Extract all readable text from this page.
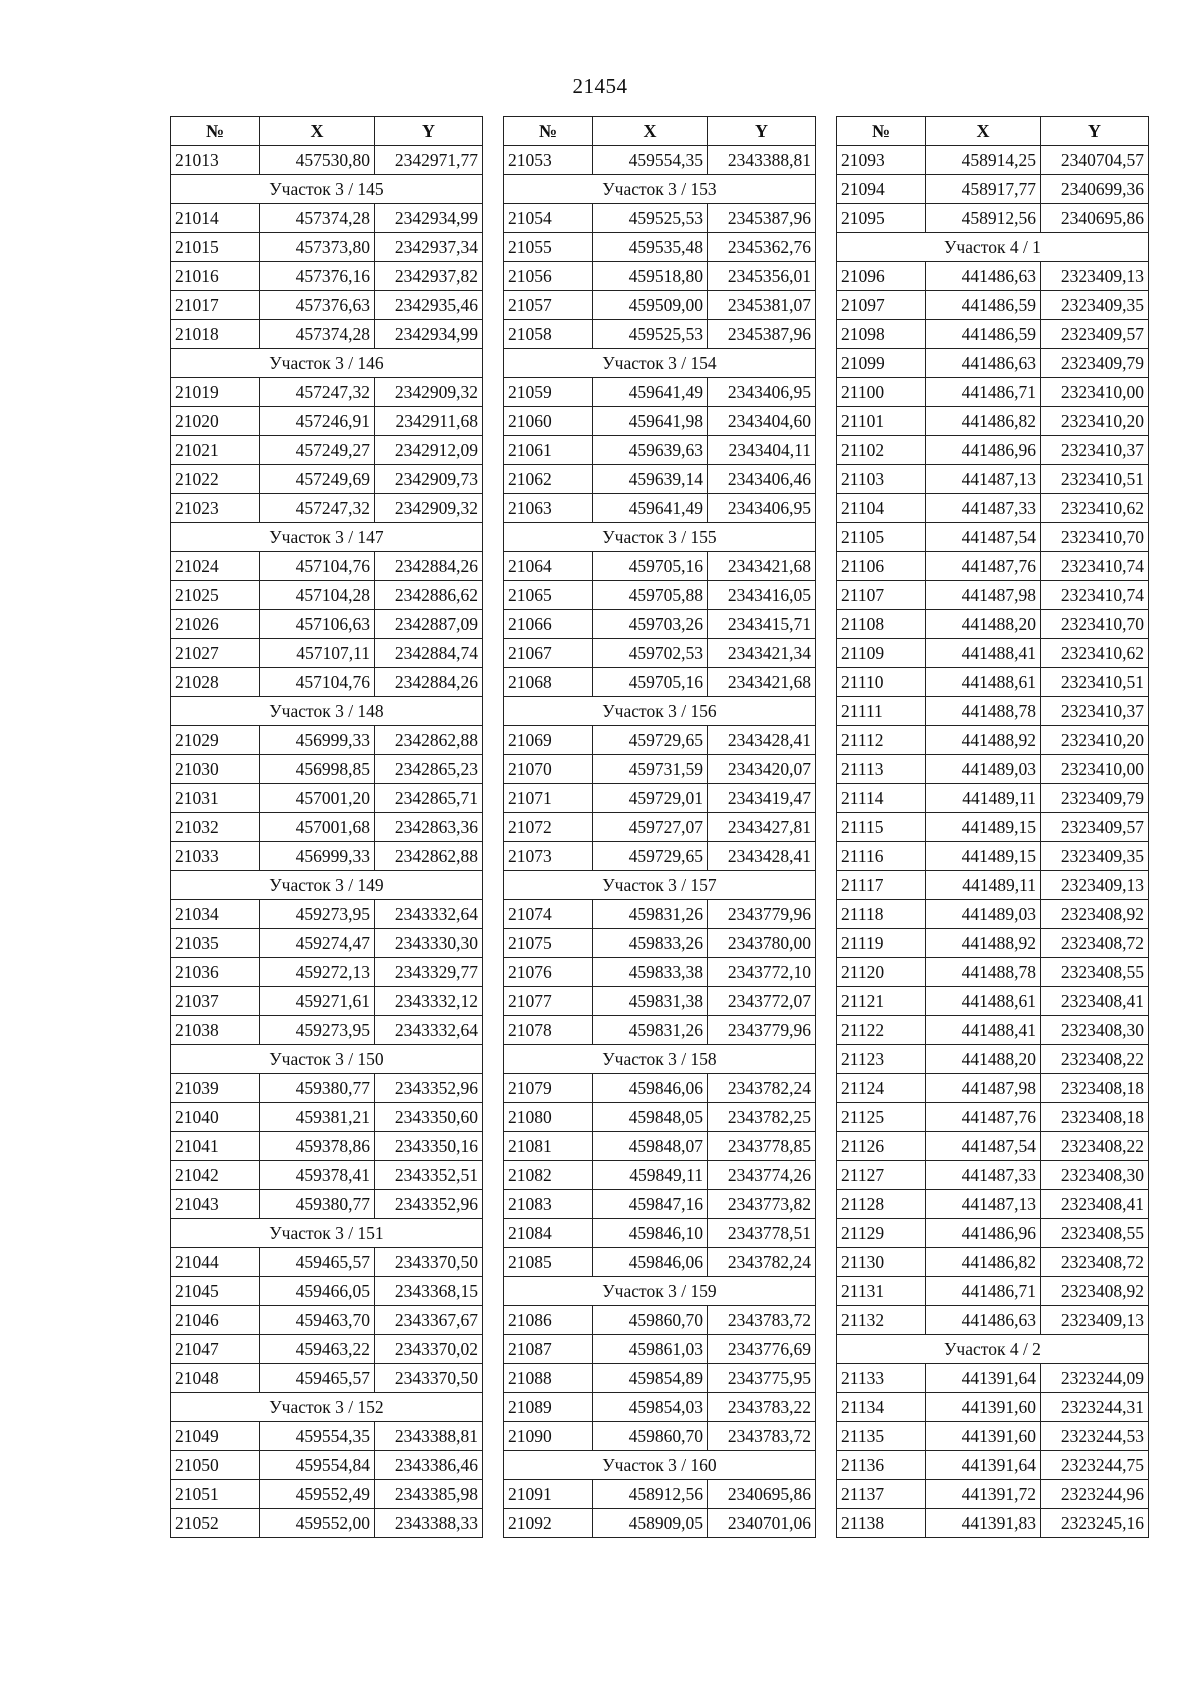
21454
№	X	Y
21013	457530,80	2342971,77
Участок 3 / 145		
21014	457374,28	2342934,99
21015	457373,80	2342937,34
21016	457376,16	2342937,82
21017	457376,63	2342935,46
21018	457374,28	2342934,99
Участок 3 / 146		
21019	457247,32	2342909,32
21020	457246,91	2342911,68
21021	457249,27	2342912,09
21022	457249,69	2342909,73
21023	457247,32	2342909,32
Участок 3 / 147		
21024	457104,76	2342884,26
21025	457104,28	2342886,62
21026	457106,63	2342887,09
21027	457107,11	2342884,74
21028	457104,76	2342884,26
Участок 3 / 148		
21029	456999,33	2342862,88
21030	456998,85	2342865,23
21031	457001,20	2342865,71
21032	457001,68	2342863,36
21033	456999,33	2342862,88
Участок 3 / 149		
21034	459273,95	2343332,64
21035	459274,47	2343330,30
21036	459272,13	2343329,77
21037	459271,61	2343332,12
21038	459273,95	2343332,64
Участок 3 / 150		
21039	459380,77	2343352,96
21040	459381,21	2343350,60
21041	459378,86	2343350,16
21042	459378,41	2343352,51
21043	459380,77	2343352,96
Участок 3 / 151		
21044	459465,57	2343370,50
21045	459466,05	2343368,15
21046	459463,70	2343367,67
21047	459463,22	2343370,02
21048	459465,57	2343370,50
Участок 3 / 152		
21049	459554,35	2343388,81
21050	459554,84	2343386,46
21051	459552,49	2343385,98
21052	459552,00	2343388,33
№	X	Y
21053	459554,35	2343388,81
Участок 3 / 153		
21054	459525,53	2345387,96
21055	459535,48	2345362,76
21056	459518,80	2345356,01
21057	459509,00	2345381,07
21058	459525,53	2345387,96
Участок 3 / 154		
21059	459641,49	2343406,95
21060	459641,98	2343404,60
21061	459639,63	2343404,11
21062	459639,14	2343406,46
21063	459641,49	2343406,95
Участок 3 / 155		
21064	459705,16	2343421,68
21065	459705,88	2343416,05
21066	459703,26	2343415,71
21067	459702,53	2343421,34
21068	459705,16	2343421,68
Участок 3 / 156		
21069	459729,65	2343428,41
21070	459731,59	2343420,07
21071	459729,01	2343419,47
21072	459727,07	2343427,81
21073	459729,65	2343428,41
Участок 3 / 157		
21074	459831,26	2343779,96
21075	459833,26	2343780,00
21076	459833,38	2343772,10
21077	459831,38	2343772,07
21078	459831,26	2343779,96
Участок 3 / 158		
21079	459846,06	2343782,24
21080	459848,05	2343782,25
21081	459848,07	2343778,85
21082	459849,11	2343774,26
21083	459847,16	2343773,82
21084	459846,10	2343778,51
21085	459846,06	2343782,24
Участок 3 / 159		
21086	459860,70	2343783,72
21087	459861,03	2343776,69
21088	459854,89	2343775,95
21089	459854,03	2343783,22
21090	459860,70	2343783,72
Участок 3 / 160		
21091	458912,56	2340695,86
21092	458909,05	2340701,06
№	X	Y
21093	458914,25	2340704,57
21094	458917,77	2340699,36
21095	458912,56	2340695,86
Участок 4 / 1		
21096	441486,63	2323409,13
21097	441486,59	2323409,35
21098	441486,59	2323409,57
21099	441486,63	2323409,79
21100	441486,71	2323410,00
21101	441486,82	2323410,20
21102	441486,96	2323410,37
21103	441487,13	2323410,51
21104	441487,33	2323410,62
21105	441487,54	2323410,70
21106	441487,76	2323410,74
21107	441487,98	2323410,74
21108	441488,20	2323410,70
21109	441488,41	2323410,62
21110	441488,61	2323410,51
21111	441488,78	2323410,37
21112	441488,92	2323410,20
21113	441489,03	2323410,00
21114	441489,11	2323409,79
21115	441489,15	2323409,57
21116	441489,15	2323409,35
21117	441489,11	2323409,13
21118	441489,03	2323408,92
21119	441488,92	2323408,72
21120	441488,78	2323408,55
21121	441488,61	2323408,41
21122	441488,41	2323408,30
21123	441488,20	2323408,22
21124	441487,98	2323408,18
21125	441487,76	2323408,18
21126	441487,54	2323408,22
21127	441487,33	2323408,30
21128	441487,13	2323408,41
21129	441486,96	2323408,55
21130	441486,82	2323408,72
21131	441486,71	2323408,92
21132	441486,63	2323409,13
Участок 4 / 2		
21133	441391,64	2323244,09
21134	441391,60	2323244,31
21135	441391,60	2323244,53
21136	441391,64	2323244,75
21137	441391,72	2323244,96
21138	441391,83	2323245,16
